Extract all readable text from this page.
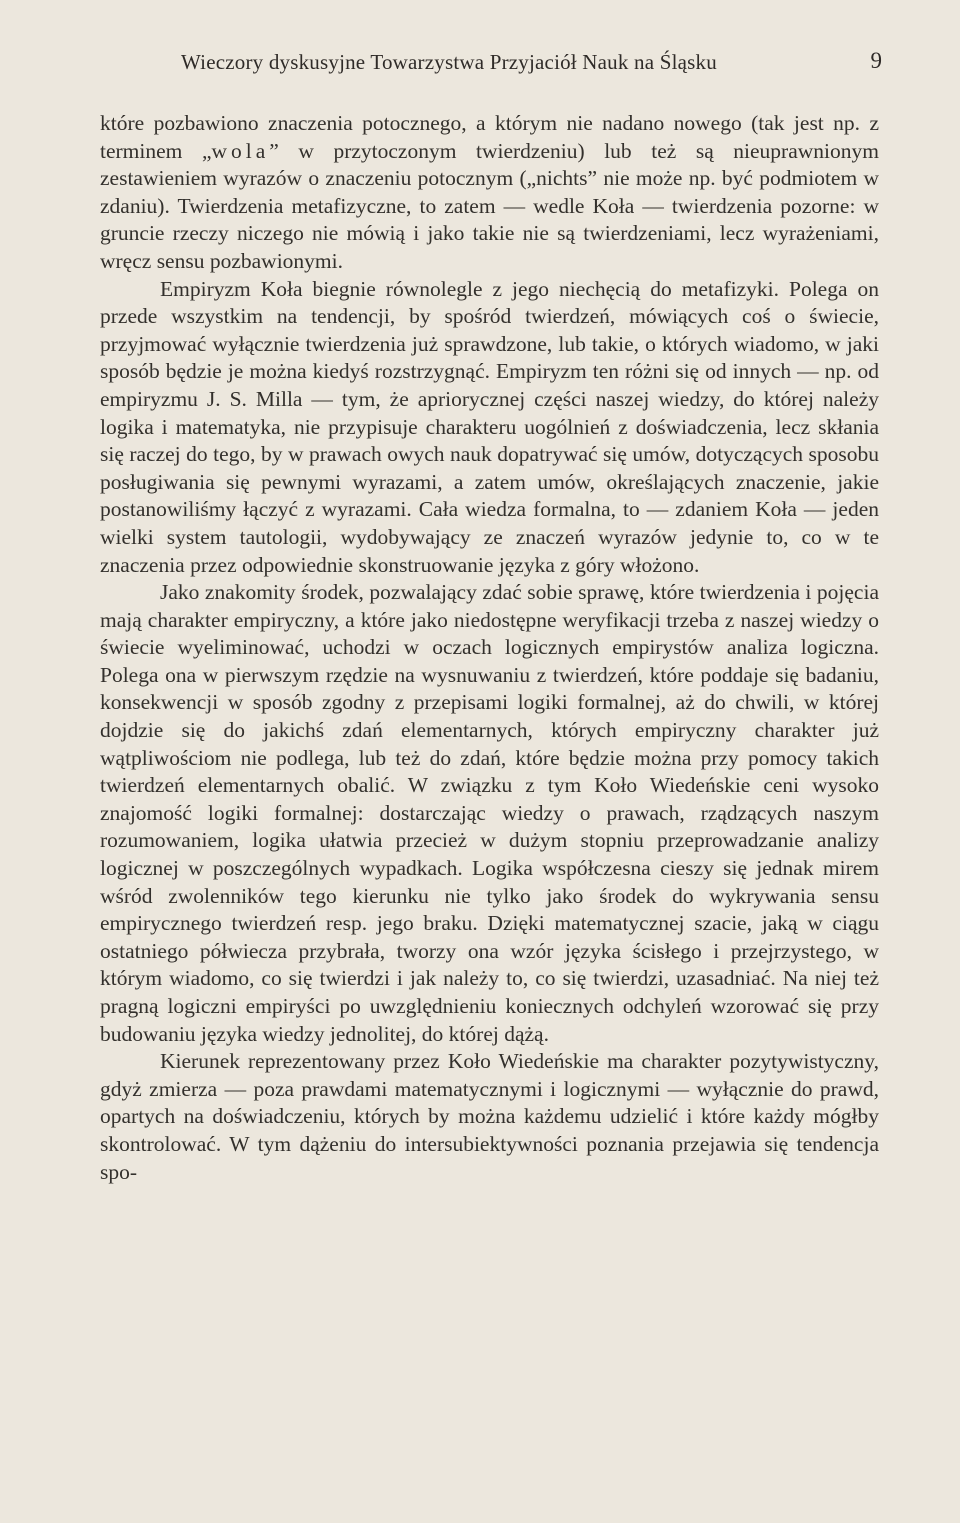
Wieczory dyskusyjne Towarzystwa Przyjaciół Nauk na Śląsku	9

które pozbawiono znaczenia potocznego, a którym nie nadano nowego (tak jest np. z terminem „wola” w przytoczonym twierdzeniu) lub też są nieuprawnionym zestawieniem wyrazów o znaczeniu potocznym („nichts” nie może np. być podmiotem w zdaniu). Twierdzenia metafizyczne, to zatem — wedle Koła — twierdzenia pozorne: w gruncie rzeczy niczego nie mówią i jako takie nie są twierdzeniami, lecz wyrażeniami, wręcz sensu pozbawionymi.

Empiryzm Koła biegnie równolegle z jego niechęcią do metafizyki. Polega on przede wszystkim na tendencji, by spośród twierdzeń, mówiących coś o świecie, przyjmować wyłącznie twierdzenia już sprawdzone, lub takie, o których wiadomo, w jaki sposób będzie je można kiedyś rozstrzygnąć. Empiryzm ten różni się od innych — np. od empiryzmu J. S. Milla — tym, że apriorycznej części naszej wiedzy, do której należy logika i matematyka, nie przypisuje charakteru uogólnień z doświadczenia, lecz skłania się raczej do tego, by w prawach owych nauk dopatrywać się umów, dotyczących sposobu posługiwania się pewnymi wyrazami, a zatem umów, określających znaczenie, jakie postanowiliśmy łączyć z wyrazami. Cała wiedza formalna, to — zdaniem Koła — jeden wielki system tautologii, wydobywający ze znaczeń wyrazów jedynie to, co w te znaczenia przez odpowiednie skonstruowanie języka z góry włożono.

Jako znakomity środek, pozwalający zdać sobie sprawę, które twierdzenia i pojęcia mają charakter empiryczny, a które jako niedostępne weryfikacji trzeba z naszej wiedzy o świecie wyeliminować, uchodzi w oczach logicznych empirystów analiza logiczna. Polega ona w pierwszym rzędzie na wysnuwaniu z twierdzeń, które poddaje się badaniu, konsekwencji w sposób zgodny z przepisami logiki formalnej, aż do chwili, w której dojdzie się do jakichś zdań elementarnych, których empiryczny charakter już wątpliwościom nie podlega, lub też do zdań, które będzie można przy pomocy takich twierdzeń elementarnych obalić. W związku z tym Koło Wiedeńskie ceni wysoko znajomość logiki formalnej: dostarczając wiedzy o prawach, rządzących naszym rozumowaniem, logika ułatwia przecież w dużym stopniu przeprowadzanie analizy logicznej w poszczególnych wypadkach. Logika współczesna cieszy się jednak mirem wśród zwolenników tego kierunku nie tylko jako środek do wykrywania sensu empirycznego twierdzeń resp. jego braku. Dzięki matematycznej szacie, jaką w ciągu ostatniego półwiecza przybrała, tworzy ona wzór języka ścisłego i przejrzystego, w którym wiadomo, co się twierdzi i jak należy to, co się twierdzi, uzasadniać. Na niej też pragną logiczni empiryści po uwzględnieniu koniecznych odchyleń wzorować się przy budowaniu języka wiedzy jednolitej, do której dążą.

Kierunek reprezentowany przez Koło Wiedeńskie ma charakter pozytywistyczny, gdyż zmierza — poza prawdami matematycznymi i logicznymi — wyłącznie do prawd, opartych na doświadczeniu, których by można każdemu udzielić i które każdy mógłby skontrolować. W tym dążeniu do intersubiektywności poznania przejawia się tendencja spo-
